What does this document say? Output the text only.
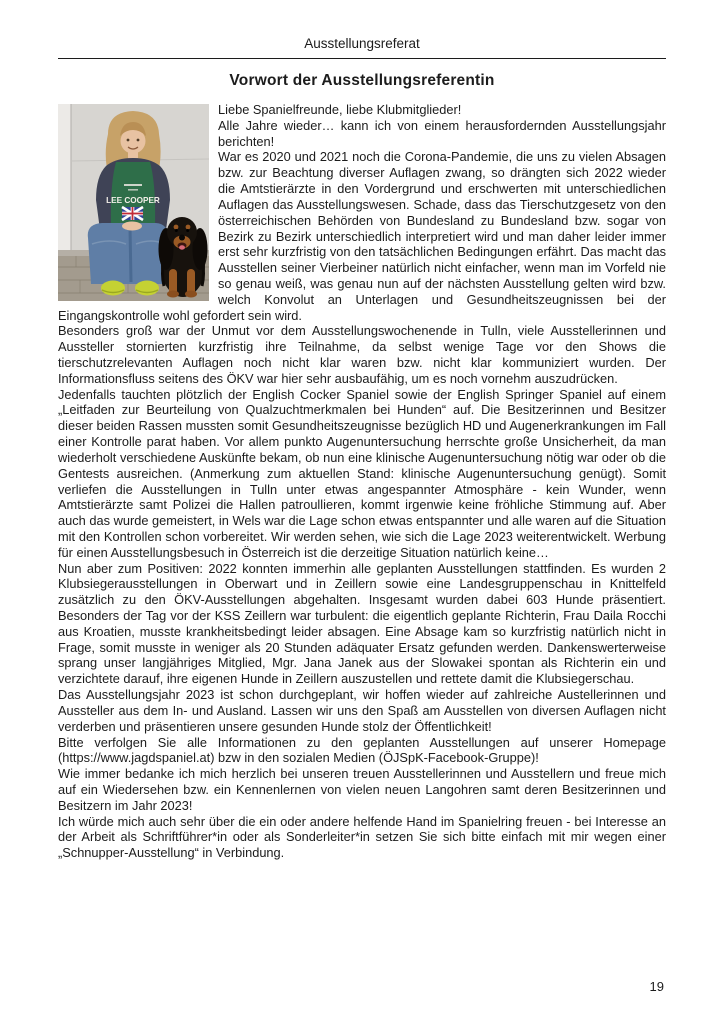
Ausstellungsreferat
Vorwort der Ausstellungsreferentin
LEE COOPER

Liebe Spanielfreunde, liebe Klubmitglieder!

Alle Jahre wieder… kann ich von einem herausfordernden Ausstellungsjahr berichten!

War es 2020 und 2021 noch die Corona-Pandemie, die uns zu vielen Absagen bzw. zur Beachtung diverser Auflagen zwang, so drängten sich 2022 wieder die Amtstierärzte in den Vordergrund und erschwerten mit unterschiedlichen Auflagen das Ausstellungswesen. Schade, dass das Tierschutzgesetz von den österreichischen Behörden von Bundesland zu Bundesland bzw. sogar von Bezirk zu Bezirk unterschiedlich interpretiert wird und man daher leider immer erst sehr kurzfristig von den tatsächlichen Bedingungen erfährt. Das macht das Ausstellen seiner Vierbeiner natürlich nicht einfacher, wenn man im Vorfeld nie so genau weiß, was genau nun auf der nächsten Ausstellung gelten wird bzw. welch Konvolut an Unterlagen und Gesundheitszeugnissen bei der Eingangskontrolle wohl gefordert sein wird.

Besonders groß war der Unmut vor dem Ausstellungswochenende in Tulln, viele Ausstellerinnen und Aussteller stornierten kurzfristig ihre Teilnahme, da selbst wenige Tage vor den Shows die tierschutzrelevanten Auflagen noch nicht klar waren bzw. nicht klar kommuniziert wurden. Der Informationsfluss seitens des ÖKV war hier sehr ausbaufähig, um es noch vornehm auszudrücken.

Jedenfalls tauchten plötzlich der English Cocker Spaniel sowie der English Springer Spaniel auf einem „Leitfaden zur Beurteilung von Qualzuchtmerkmalen bei Hunden“ auf. Die Besitzerinnen und Besitzer dieser beiden Rassen mussten somit Gesundheitszeugnisse bezüglich HD und Augenerkrankungen im Fall einer Kontrolle parat haben. Vor allem punkto Augenuntersuchung herrschte große Unsicherheit, da man wiederholt verschiedene Auskünfte bekam, ob nun eine klinische Augenuntersuchung nötig war oder ob die Gentests ausreichen. (Anmerkung zum aktuellen Stand: klinische Augenuntersuchung genügt). Somit verliefen die Ausstellungen in Tulln unter etwas angespannter Atmosphäre - kein Wunder, wenn Amtstierärzte samt Polizei die Hallen patroullieren, kommt irgenwie keine fröhliche Stimmung auf. Aber auch das wurde gemeistert, in Wels war die Lage schon etwas entspannter und alle waren auf die Situation mit den Kontrollen schon vorbereitet. Wir werden sehen, wie sich die Lage 2023 weiterentwickelt. Werbung für einen Ausstellungsbesuch in Österreich ist die derzeitige Situation natürlich keine…

Nun aber zum Positiven: 2022 konnten immerhin alle geplanten Ausstellungen stattfinden. Es wurden 2 Klubsiegerausstellungen in Oberwart und in Zeillern sowie eine Landesgruppenschau in Knittelfeld zusätzlich zu den ÖKV-Ausstellungen abgehalten. Insgesamt wurden dabei 603 Hunde präsentiert. Besonders der Tag vor der KSS Zeillern war turbulent: die eigentlich geplante Richterin, Frau Daila Rocchi aus Kroatien, musste krankheitsbedingt leider absagen. Eine Absage kam so kurzfristig natürlich nicht in Frage, somit musste in weniger als 20 Stunden adäquater Ersatz gefunden werden. Dankenswerterweise sprang unser langjähriges Mitglied, Mgr. Jana Janek aus der Slowakei spontan als Richterin ein und verzichtete darauf, ihre eigenen Hunde in Zeillern auszustellen und rettete damit die Klubsiegerschau.

Das Ausstellungsjahr 2023 ist schon durchgeplant, wir hoffen wieder auf zahlreiche Austellerinnen und Aussteller aus dem In- und Ausland. Lassen wir uns den Spaß am Ausstellen von diversen Auflagen nicht verderben und präsentieren unsere gesunden Hunde stolz der Öffentlichkeit!

Bitte verfolgen Sie alle Informationen zu den geplanten Ausstellungen auf unserer Homepage (https://www.jagdspaniel.at) bzw in den sozialen Medien (ÖJSpK-Facebook-Gruppe)!

Wie immer bedanke ich mich herzlich bei unseren treuen Ausstellerinnen und Ausstellern und freue mich auf ein Wiedersehen bzw. ein Kennenlernen von vielen neuen Langohren samt deren Besitzerinnen und Besitzern im Jahr 2023!

Ich würde mich auch sehr über die ein oder andere helfende Hand im Spanielring freuen - bei Interesse an der Arbeit als Schriftführer*in oder als Sonderleiter*in setzen Sie sich bitte einfach mit mir wegen einer „Schnupper-Ausstellung“ in Verbindung.

19
